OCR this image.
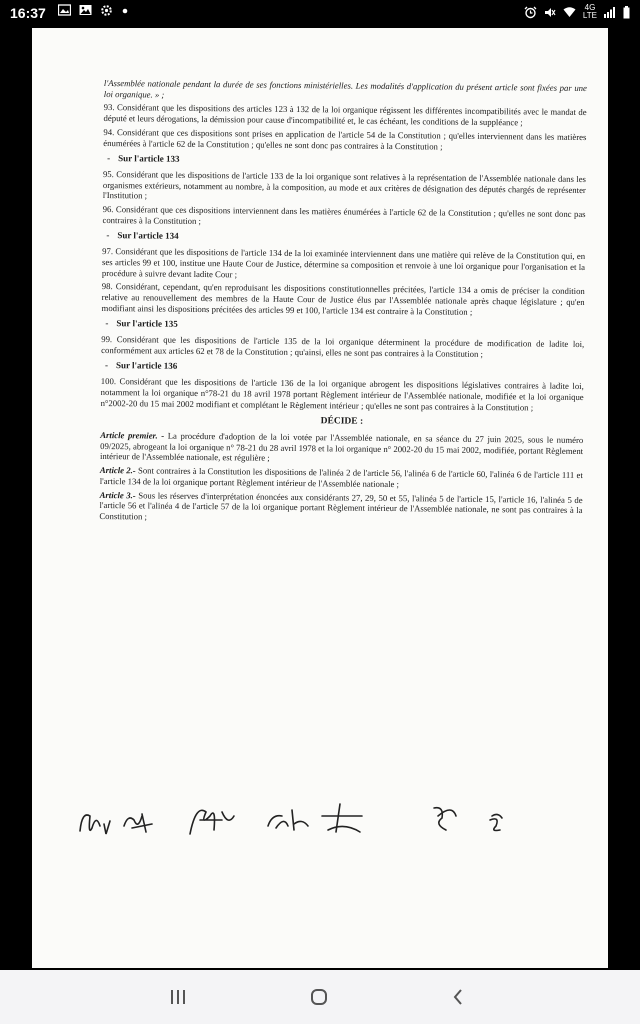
16:37	4G
LTE

l'Assemblée nationale pendant la durée de ses fonctions ministérielles. Les modalités d'application du présent article sont fixées par une loi organique. » ;

93. Considérant que les dispositions des articles 123 à 132 de la loi organique régissent les différentes incompatibilités avec le mandat de député et leurs dérogations, la démission pour cause d'incompatibilité et, le cas échéant, les conditions de la suppléance ;

94. Considérant que ces dispositions sont prises en application de l'article 54 de la Constitution ; qu'elles interviennent dans les matières énumérées à l'article 62 de la Constitution ; qu'elles ne sont donc pas contraires à la Constitution ;

- Sur l'article 133

95. Considérant que les dispositions de l'article 133 de la loi organique sont relatives à la représentation de l'Assemblée nationale dans les organismes extérieurs, notamment au nombre, à la composition, au mode et aux critères de désignation des députés chargés de représenter l'Institution ;

96. Considérant que ces dispositions interviennent dans les matières énumérées à l'article 62 de la Constitution ; qu'elles ne sont donc pas contraires à la Constitution ;

- Sur l'article 134

97. Considérant que les dispositions de l'article 134 de la loi examinée interviennent dans une matière qui relève de la Constitution qui, en ses articles 99 et 100, institue une Haute Cour de Justice, détermine sa composition et renvoie à une loi organique pour l'organisation et la procédure à suivre devant ladite Cour ;

98. Considérant, cependant, qu'en reproduisant les dispositions constitutionnelles précitées, l'article 134 a omis de préciser la condition relative au renouvellement des membres de la Haute Cour de Justice élus par l'Assemblée nationale après chaque législature ; qu'en modifiant ainsi les dispositions précitées des articles 99 et 100, l'article 134 est contraire à la Constitution ;

- Sur l'article 135

99. Considérant que les dispositions de l'article 135 de la loi organique déterminent la procédure de modification de ladite loi, conformément aux articles 62 et 78 de la Constitution ; qu'ainsi, elles ne sont pas contraires à la Constitution ;

- Sur l'article 136

100. Considérant que les dispositions de l'article 136 de la loi organique abrogent les dispositions législatives contraires à ladite loi, notamment la loi organique n°78-21 du 18 avril 1978 portant Règlement intérieur de l'Assemblée nationale, modifiée et la loi organique n°2002-20 du 15 mai 2002 modifiant et complétant le Règlement intérieur ; qu'elles ne sont pas contraires à la Constitution ;

DÉCIDE :

Article premier. - La procédure d'adoption de la loi votée par l'Assemblée nationale, en sa séance du 27 juin 2025, sous le numéro 09/2025, abrogeant la loi organique n° 78-21 du 28 avril 1978 et la loi organique n° 2002-20 du 15 mai 2002, modifiée, portant Règlement intérieur de l'Assemblée nationale, est régulière ;

Article 2.- Sont contraires à la Constitution les dispositions de l'alinéa 2 de l'article 56, l'alinéa 6 de l'article 60, l'alinéa 6 de l'article 111 et l'article 134 de la loi organique portant Règlement intérieur de l'Assemblée nationale ;

Article 3.- Sous les réserves d'interprétation énoncées aux considérants 27, 29, 50 et 55, l'alinéa 5 de l'article 15, l'article 16, l'alinéa 5 de l'article 56 et l'alinéa 4 de l'article 57 de la loi organique portant Règlement intérieur de l'Assemblée nationale, ne sont pas contraires à la Constitution ;
